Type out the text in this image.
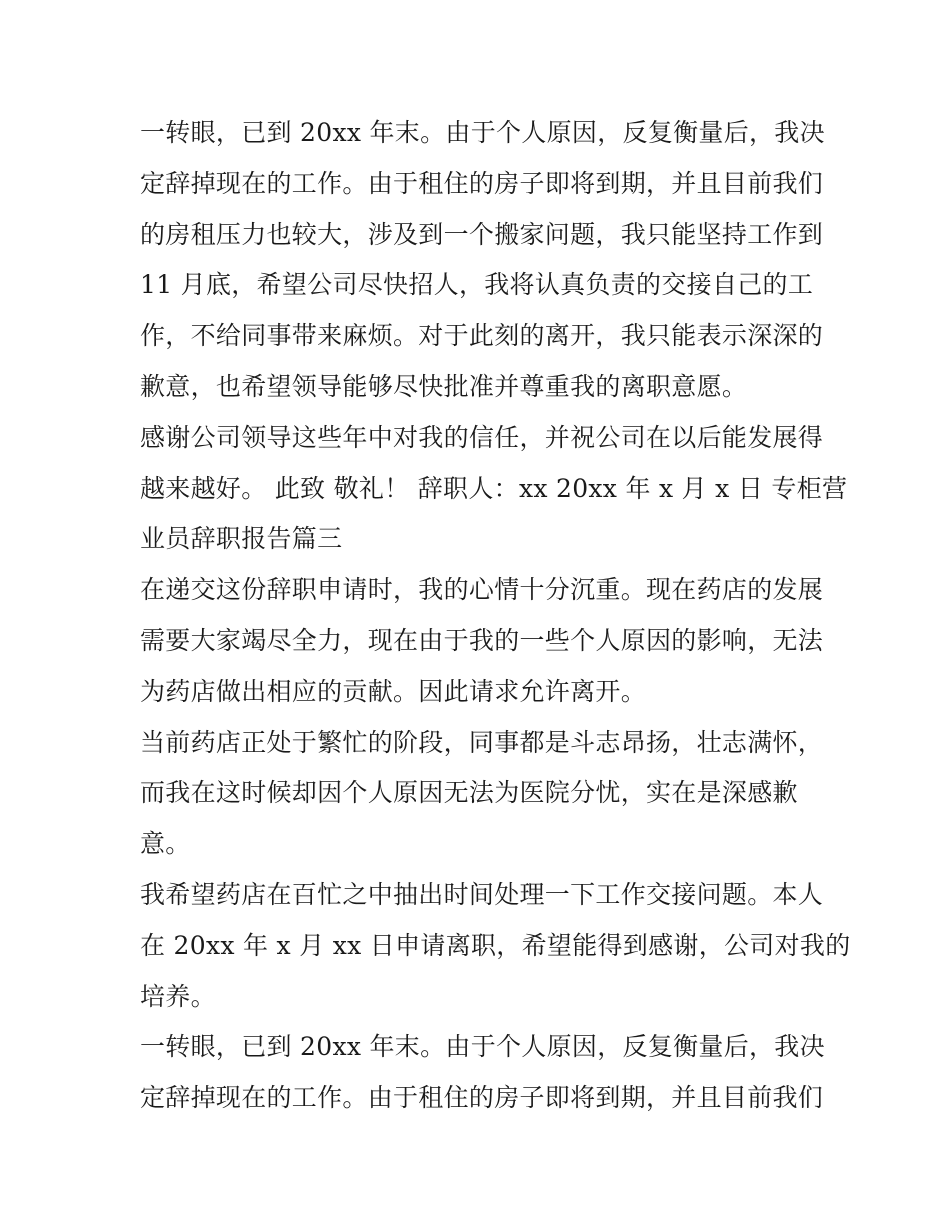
一转眼，已到 20xx 年末。由于个人原因，反复衡量后，我决
定辞掉现在的工作。由于租住的房子即将到期，并且目前我们
的房租压力也较大，涉及到一个搬家问题，我只能坚持工作到
11 月底，希望公司尽快招人，我将认真负责的交接自己的工
作，不给同事带来麻烦。对于此刻的离开，我只能表示深深的
歉意，也希望领导能够尽快批准并尊重我的离职意愿。
感谢公司领导这些年中对我的信任，并祝公司在以后能发展得
越来越好。 此致 敬礼！ 辞职人：xx 20xx 年 x 月 x 日 专柜营
业员辞职报告篇三
在递交这份辞职申请时，我的心情十分沉重。现在药店的发展
需要大家竭尽全力，现在由于我的一些个人原因的影响，无法
为药店做出相应的贡献。因此请求允许离开。
当前药店正处于繁忙的阶段，同事都是斗志昂扬，壮志满怀，
而我在这时候却因个人原因无法为医院分忧，实在是深感歉
意。
我希望药店在百忙之中抽出时间处理一下工作交接问题。本人
在 20xx 年 x 月 xx 日申请离职，希望能得到感谢，公司对我的
培养。
一转眼，已到 20xx 年末。由于个人原因，反复衡量后，我决
定辞掉现在的工作。由于租住的房子即将到期，并且目前我们
